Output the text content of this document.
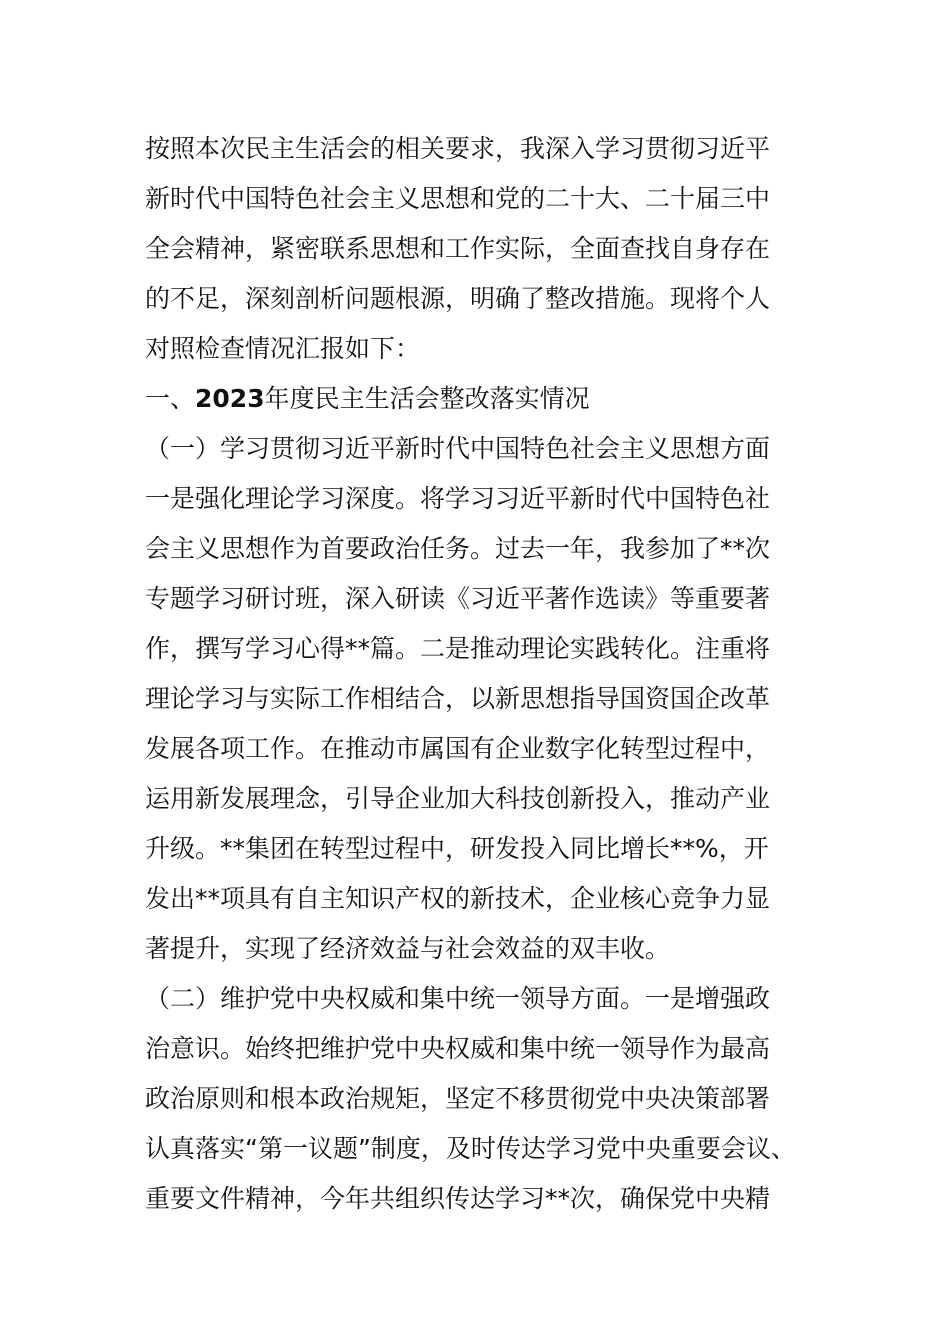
按照本次民主生活会的相关要求，我深入学习贯彻习近平
新时代中国特色社会主义思想和党的二十大、二十届三中
全会精神，紧密联系思想和工作实际，全面查找自身存在
的不足，深刻剖析问题根源，明确了整改措施。现将个人
对照检查情况汇报如下：
一、2023年度民主生活会整改落实情况
（一）学习贯彻习近平新时代中国特色社会主义思想方面
一是强化理论学习深度。将学习习近平新时代中国特色社
会主义思想作为首要政治任务。过去一年，我参加了**次
专题学习研讨班，深入研读《习近平著作选读》等重要著
作，撰写学习心得**篇。二是推动理论实践转化。注重将
理论学习与实际工作相结合，以新思想指导国资国企改革
发展各项工作。在推动市属国有企业数字化转型过程中，
运用新发展理念，引导企业加大科技创新投入，推动产业
升级。**集团在转型过程中，研发投入同比增长**%，开
发出**项具有自主知识产权的新技术，企业核心竞争力显
著提升，实现了经济效益与社会效益的双丰收。
（二）维护党中央权威和集中统一领导方面。一是增强政
治意识。始终把维护党中央权威和集中统一领导作为最高
政治原则和根本政治规矩，坚定不移贯彻党中央决策部署
认真落实“第一议题”制度，及时传达学习党中央重要会议、
重要文件精神，今年共组织传达学习**次，确保党中央精
